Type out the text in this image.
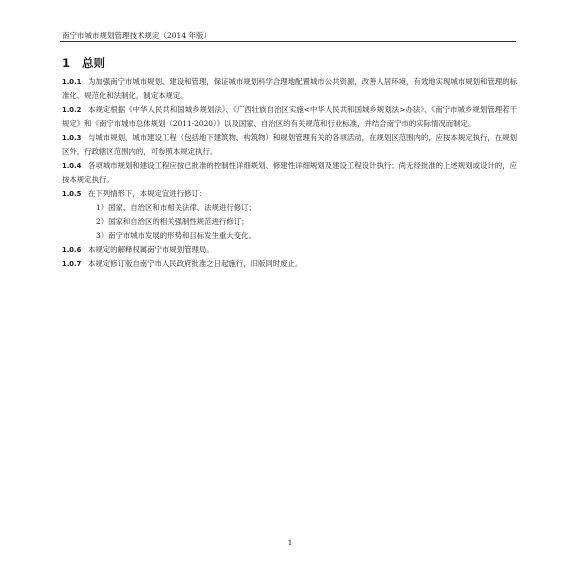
南宁市城市规划管理技术规定（2014 年版）
1 总则

1.0.1 为加强南宁市城市规划、建设和管理，保证城市规划科学合理地配置城市公共资源，改善人居环境，有效地实现城市规划和管理的标准化、规范化和法制化，制定本规定。

1.0.2 本规定根据《中华人民共和国城乡规划法》、《广西壮族自治区实施<中华人民共和国城乡规划法>办法》、《南宁市城乡规划管理若干规定》和《南宁市城市总体规划（2011-2020）》以及国家、自治区的有关规范和行业标准，并结合南宁市的实际情况而制定。

1.0.3 与城市规划、城市建设工程（包括地下建筑物、构筑物）和规划管理有关的各项活动，在规划区范围内的，应按本规定执行，在规划区外，行政辖区范围内的，可参照本规定执行。

1.0.4 各项城市规划和建设工程应按已批准的控制性详细规划、修建性详细规划及建设工程设计执行；尚无经批准的上述规划或设计的，应按本规定执行。

1.0.5 在下列情形下，本规定宜进行修订：

1）国家、自治区和市相关法律、法规进行修订；

2）国家和自治区的相关强制性规范进行修订；

3）南宁市城市发展的形势和目标发生重大变化。

1.0.6 本规定的解释权属南宁市规划管理局。

1.0.7 本规定修订版自南宁市人民政府批准之日起施行，旧版同时废止。

1
